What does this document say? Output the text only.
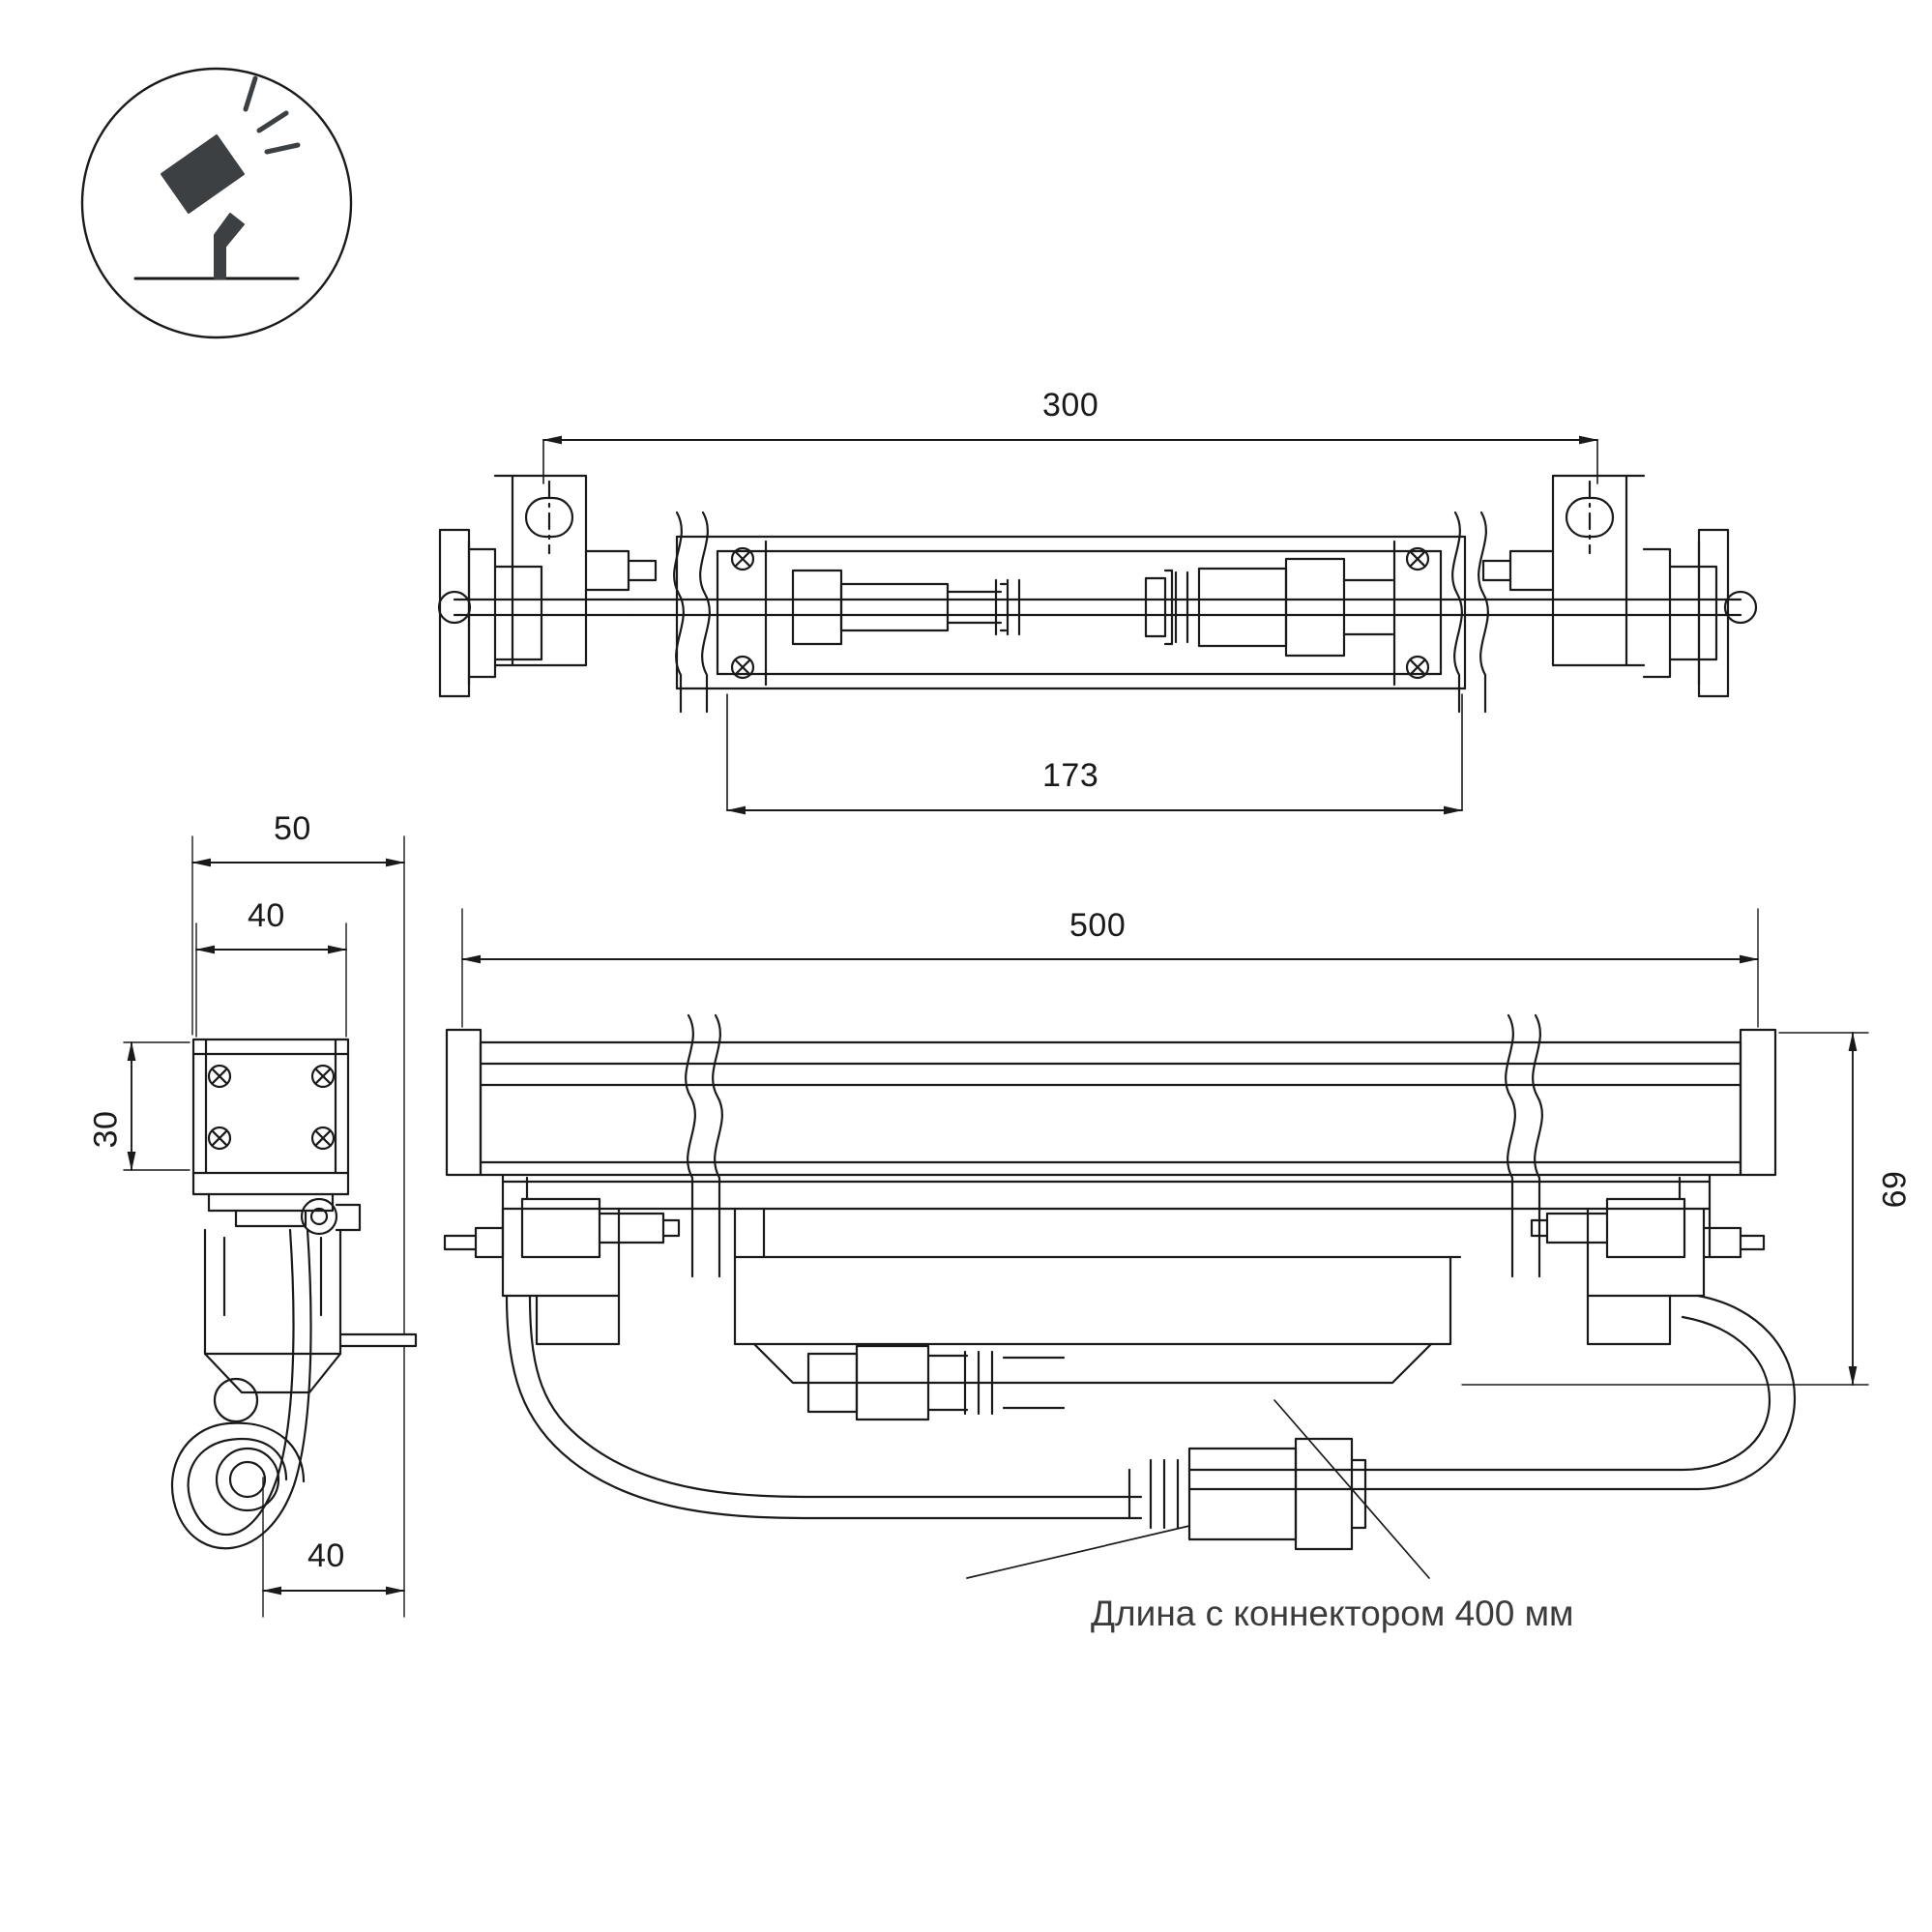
300
173
500
69
50
40
30
40
Длина с коннектором 400 мм
